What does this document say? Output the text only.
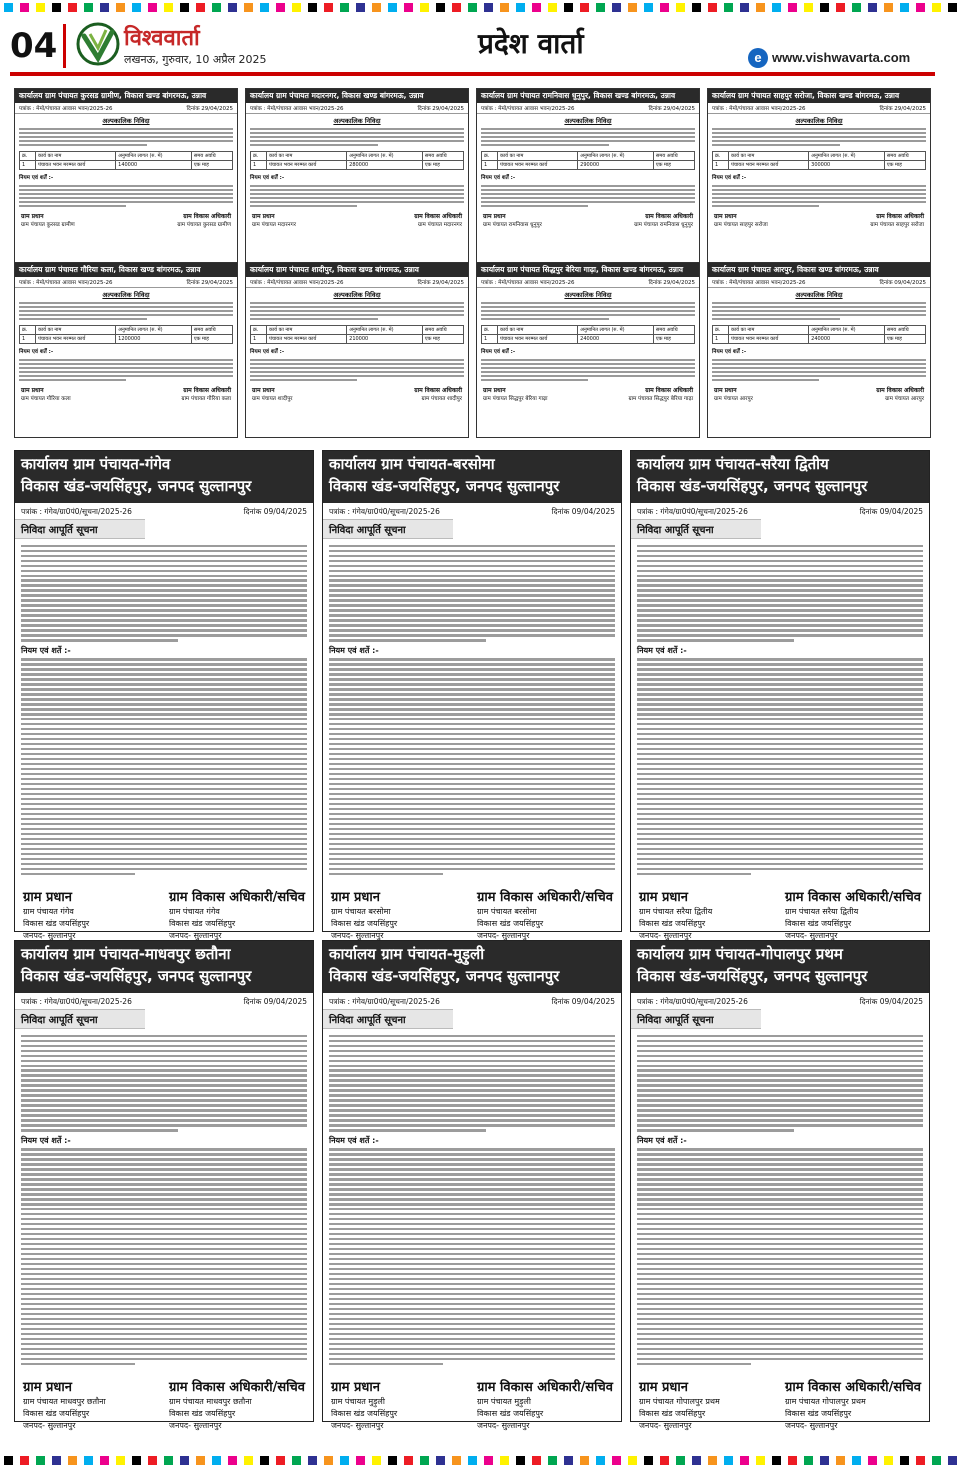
04	विश्ववार्ता
लखनऊ, गुरुवार, 10 अप्रैल 2025	प्रदेश वार्ता	e www.vishwavarta.com
कार्यालय ग्राम पंचायत कुरसड ग्रामीण, विकास खण्ड बांगरमऊ, उन्नाव
पत्रांक : मेमो/पंचायत आवास भवन/2025-26	दिनांक 29/04/2025
अल्पकालिक निविदा
क्र.	कार्य का नाम	अनुमानित लागत (रु. में)	समय अवधि
1	पंचायत भवन मरम्मत कार्य	140000	एक माह
नियम एवं शर्तें :-
ग्राम प्रधान	ग्राम विकास अधिकारी
ग्राम पंचायत कुरसड ग्रामीण	ग्राम पंचायत कुरसड ग्रामीण
कार्यालय ग्राम पंचायत मदारनगर, विकास खण्ड बांगरमऊ, उन्नाव
पत्रांक : मेमो/पंचायत आवास भवन/2025-26	दिनांक 29/04/2025
अल्पकालिक निविदा
क्र.	कार्य का नाम	अनुमानित लागत (रु. में)	समय अवधि
1	पंचायत भवन मरम्मत कार्य	280000	एक माह
नियम एवं शर्तें :-
ग्राम प्रधान	ग्राम विकास अधिकारी
ग्राम पंचायत मदारनगर	ग्राम पंचायत मदारनगर
कार्यालय ग्राम पंचायत रामनिवास धुनुपुर, विकास खण्ड बांगरमऊ, उन्नाव
पत्रांक : मेमो/पंचायत आवास भवन/2025-26	दिनांक 29/04/2025
अल्पकालिक निविदा
क्र.	कार्य का नाम	अनुमानित लागत (रु. में)	समय अवधि
1	पंचायत भवन मरम्मत कार्य	290000	एक माह
नियम एवं शर्तें :-
ग्राम प्रधान	ग्राम विकास अधिकारी
ग्राम पंचायत रामनिवास धुनुपुर	ग्राम पंचायत रामनिवास धुनुपुर
कार्यालय ग्राम पंचायत साहपुर सरोजा, विकास खण्ड बांगरमऊ, उन्नाव
पत्रांक : मेमो/पंचायत आवास भवन/2025-26	दिनांक 29/04/2025
अल्पकालिक निविदा
क्र.	कार्य का नाम	अनुमानित लागत (रु. में)	समय अवधि
1	पंचायत भवन मरम्मत कार्य	300000	एक माह
नियम एवं शर्तें :-
ग्राम प्रधान	ग्राम विकास अधिकारी
ग्राम पंचायत साहपुर सरोजा	ग्राम पंचायत साहपुर सरोजा
कार्यालय ग्राम पंचायत गौरिया कला, विकास खण्ड बांगरमऊ, उन्नाव
पत्रांक : मेमो/पंचायत आवास भवन/2025-26	दिनांक 29/04/2025
अल्पकालिक निविदा
क्र.	कार्य का नाम	अनुमानित लागत (रु. में)	समय अवधि
1	पंचायत भवन मरम्मत कार्य	1200000	एक माह
नियम एवं शर्तें :-
ग्राम प्रधान	ग्राम विकास अधिकारी
ग्राम पंचायत गौरिया कला	ग्राम पंचायत गौरिया कला
कार्यालय ग्राम पंचायत शादीपुर, विकास खण्ड बांगरमऊ, उन्नाव
पत्रांक : मेमो/पंचायत आवास भवन/2025-26	दिनांक 29/04/2025
अल्पकालिक निविदा
क्र.	कार्य का नाम	अनुमानित लागत (रु. में)	समय अवधि
1	पंचायत भवन मरम्मत कार्य	210000	एक माह
नियम एवं शर्तें :-
ग्राम प्रधान	ग्राम विकास अधिकारी
ग्राम पंचायत शादीपुर	ग्राम पंचायत शादीपुर
कार्यालय ग्राम पंचायत सिद्धपुर बेरिया गाढ़ा, विकास खण्ड बांगरमऊ, उन्नाव
पत्रांक : मेमो/पंचायत आवास भवन/2025-26	दिनांक 29/04/2025
अल्पकालिक निविदा
क्र.	कार्य का नाम	अनुमानित लागत (रु. में)	समय अवधि
1	पंचायत भवन मरम्मत कार्य	240000	एक माह
नियम एवं शर्तें :-
ग्राम प्रधान	ग्राम विकास अधिकारी
ग्राम पंचायत सिद्धपुर बेरिया गाढ़ा	ग्राम पंचायत सिद्धपुर बेरिया गाढ़ा
कार्यालय ग्राम पंचायत आरपुर, विकास खण्ड बांगरमऊ, उन्नाव
पत्रांक : मेमो/पंचायत आवास भवन/2025-26	दिनांक 09/04/2025
अल्पकालिक निविदा
क्र.	कार्य का नाम	अनुमानित लागत (रु. में)	समय अवधि
1	पंचायत भवन मरम्मत कार्य	240000	एक माह
नियम एवं शर्तें :-
ग्राम प्रधान	ग्राम विकास अधिकारी
ग्राम पंचायत आरपुर	ग्राम पंचायत आरपुर
कार्यालय ग्राम पंचायत-गंगेव
विकास खंड-जयसिंहपुर, जनपद सुल्तानपुर
पत्रांक : गंगेव/ग्रा0पं0/सूचना/2025-26	दिनांक 09/04/2025
निविदा आपूर्ति सूचना
नियम एवं शर्ते :-
ग्राम प्रधान
ग्राम पंचायत गंगेव
विकास खंड जयसिंहपुर
जनपद- सुल्तानपुर
ग्राम विकास अधिकारी/सचिव
ग्राम पंचायत गंगेव
विकास खंड जयसिंहपुर
जनपद- सुल्तानपुर
कार्यालय ग्राम पंचायत-बरसोमा
विकास खंड-जयसिंहपुर, जनपद सुल्तानपुर
पत्रांक : गंगेव/ग्रा0पं0/सूचना/2025-26	दिनांक 09/04/2025
निविदा आपूर्ति सूचना
नियम एवं शर्ते :-
ग्राम प्रधान
ग्राम पंचायत बरसोमा
विकास खंड जयसिंहपुर
जनपद- सुल्तानपुर
ग्राम विकास अधिकारी/सचिव
ग्राम पंचायत बरसोमा
विकास खंड जयसिंहपुर
जनपद- सुल्तानपुर
कार्यालय ग्राम पंचायत-सरैया द्वितीय
विकास खंड-जयसिंहपुर, जनपद सुल्तानपुर
पत्रांक : गंगेव/ग्रा0पं0/सूचना/2025-26	दिनांक 09/04/2025
निविदा आपूर्ति सूचना
नियम एवं शर्ते :-
ग्राम प्रधान
ग्राम पंचायत सरैया द्वितीय
विकास खंड जयसिंहपुर
जनपद- सुल्तानपुर
ग्राम विकास अधिकारी/सचिव
ग्राम पंचायत सरैया द्वितीय
विकास खंड जयसिंहपुर
जनपद- सुल्तानपुर
कार्यालय ग्राम पंचायत-माधवपुर छतौना
विकास खंड-जयसिंहपुर, जनपद सुल्तानपुर
पत्रांक : गंगेव/ग्रा0पं0/सूचना/2025-26	दिनांक 09/04/2025
निविदा आपूर्ति सूचना
नियम एवं शर्ते :-
ग्राम प्रधान
ग्राम पंचायत माधवपुर छतौना
विकास खंड जयसिंहपुर
जनपद- सुल्तानपुर
ग्राम विकास अधिकारी/सचिव
ग्राम पंचायत माधवपुर छतौना
विकास खंड जयसिंहपुर
जनपद- सुल्तानपुर
कार्यालय ग्राम पंचायत-मुड़ुली
विकास खंड-जयसिंहपुर, जनपद सुल्तानपुर
पत्रांक : गंगेव/ग्रा0पं0/सूचना/2025-26	दिनांक 09/04/2025
निविदा आपूर्ति सूचना
नियम एवं शर्ते :-
ग्राम प्रधान
ग्राम पंचायत मुड़ुली
विकास खंड जयसिंहपुर
जनपद- सुल्तानपुर
ग्राम विकास अधिकारी/सचिव
ग्राम पंचायत मुड़ुली
विकास खंड जयसिंहपुर
जनपद- सुल्तानपुर
कार्यालय ग्राम पंचायत-गोपालपुर प्रथम
विकास खंड-जयसिंहपुर, जनपद सुल्तानपुर
पत्रांक : गंगेव/ग्रा0पं0/सूचना/2025-26	दिनांक 09/04/2025
निविदा आपूर्ति सूचना
नियम एवं शर्ते :-
ग्राम प्रधान
ग्राम पंचायत गोपालपुर प्रथम
विकास खंड जयसिंहपुर
जनपद- सुल्तानपुर
ग्राम विकास अधिकारी/सचिव
ग्राम पंचायत गोपालपुर प्रथम
विकास खंड जयसिंहपुर
जनपद- सुल्तानपुर
